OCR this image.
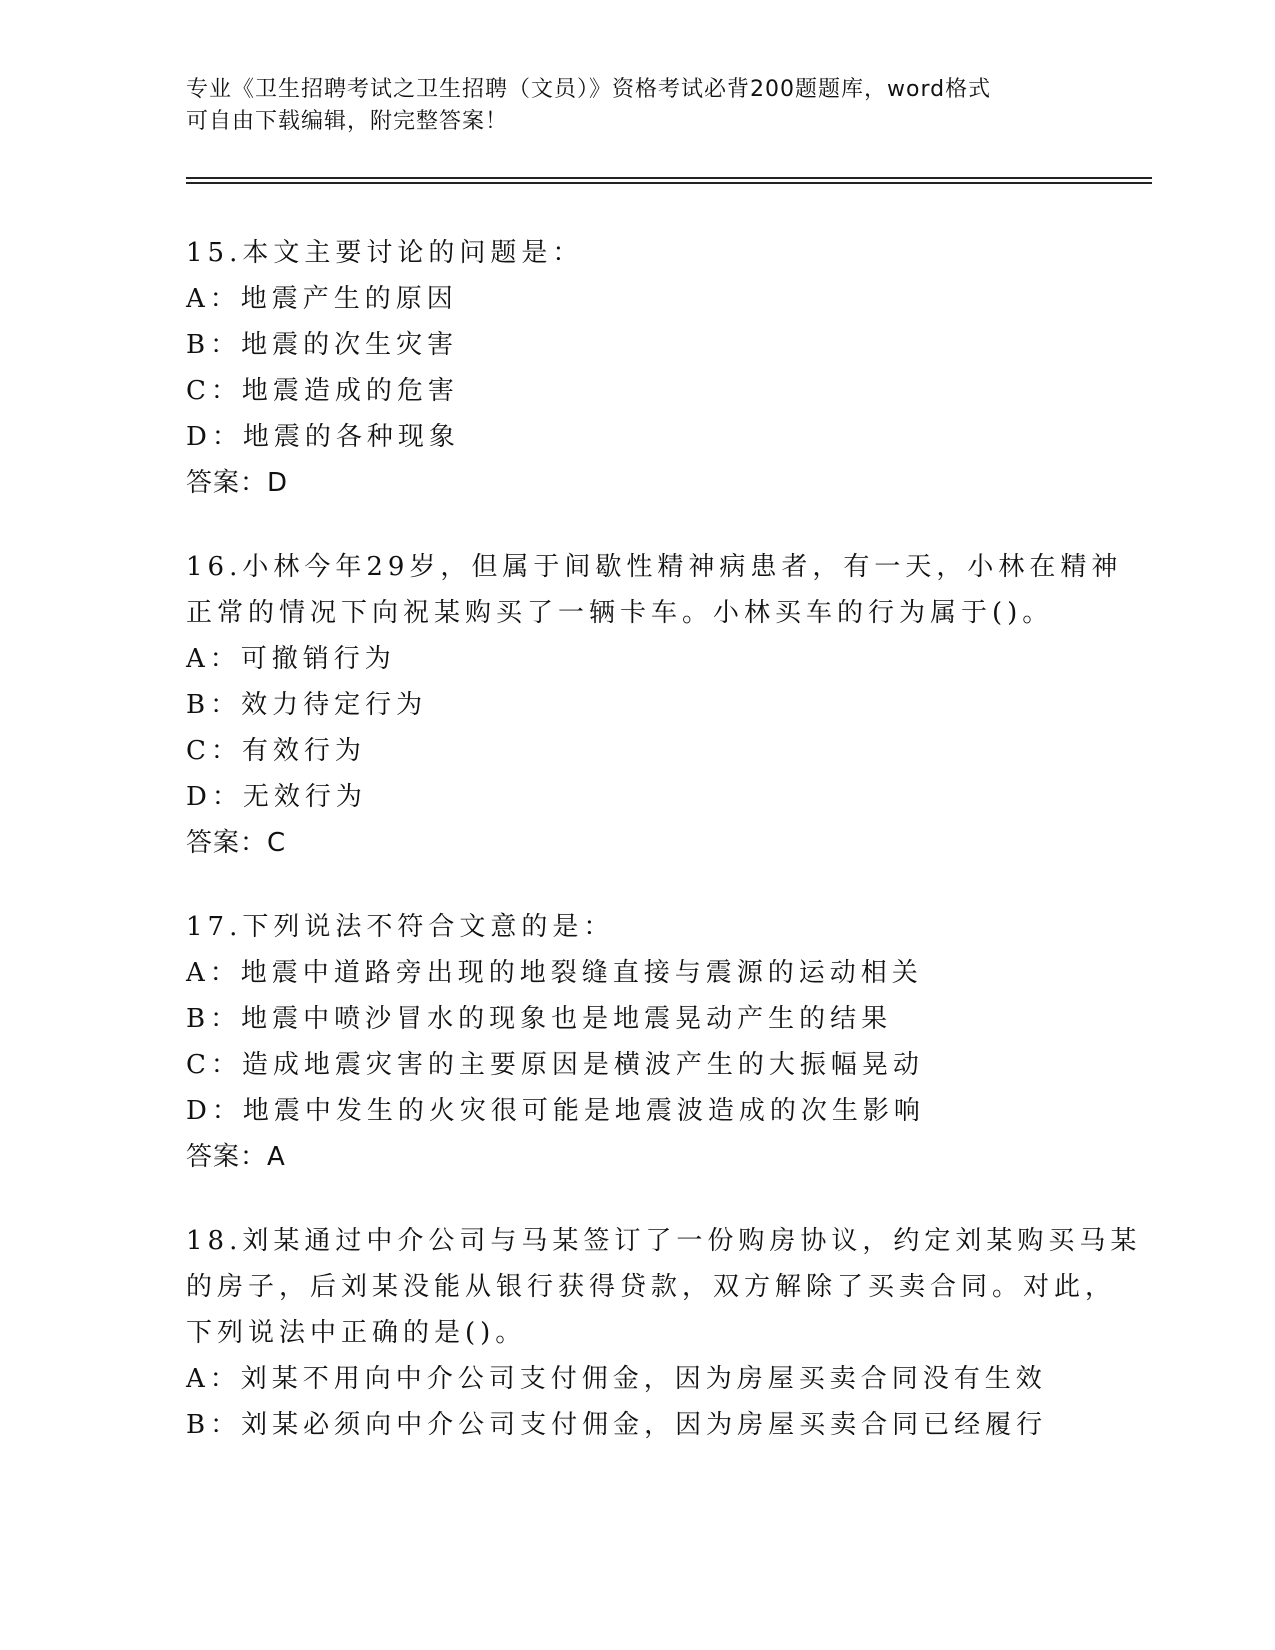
专业《卫生招聘考试之卫生招聘（文员）》资格考试必背200题题库，word格式
可自由下载编辑，附完整答案！
15.本文主要讨论的问题是：
A：地震产生的原因
B：地震的次生灾害
C：地震造成的危害
D：地震的各种现象
答案：D
16.小林今年29岁，但属于间歇性精神病患者，有一天，小林在精神
正常的情况下向祝某购买了一辆卡车。小林买车的行为属于()。
A：可撤销行为
B：效力待定行为
C：有效行为
D：无效行为
答案：C
17.下列说法不符合文意的是：
A：地震中道路旁出现的地裂缝直接与震源的运动相关
B：地震中喷沙冒水的现象也是地震晃动产生的结果
C：造成地震灾害的主要原因是横波产生的大振幅晃动
D：地震中发生的火灾很可能是地震波造成的次生影响
答案：A
18.刘某通过中介公司与马某签订了一份购房协议，约定刘某购买马某
的房子，后刘某没能从银行获得贷款，双方解除了买卖合同。对此，
下列说法中正确的是()。
A：刘某不用向中介公司支付佣金，因为房屋买卖合同没有生效
B：刘某必须向中介公司支付佣金，因为房屋买卖合同已经履行
